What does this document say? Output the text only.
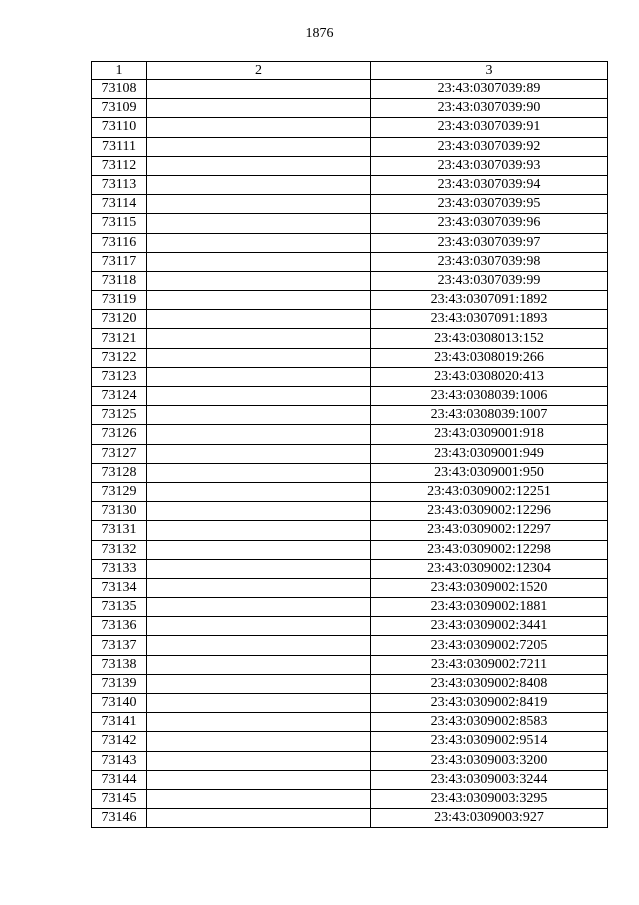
1876
1	2	3
73108		23:43:0307039:89
73109		23:43:0307039:90
73110		23:43:0307039:91
73111		23:43:0307039:92
73112		23:43:0307039:93
73113		23:43:0307039:94
73114		23:43:0307039:95
73115		23:43:0307039:96
73116		23:43:0307039:97
73117		23:43:0307039:98
73118		23:43:0307039:99
73119		23:43:0307091:1892
73120		23:43:0307091:1893
73121		23:43:0308013:152
73122		23:43:0308019:266
73123		23:43:0308020:413
73124		23:43:0308039:1006
73125		23:43:0308039:1007
73126		23:43:0309001:918
73127		23:43:0309001:949
73128		23:43:0309001:950
73129		23:43:0309002:12251
73130		23:43:0309002:12296
73131		23:43:0309002:12297
73132		23:43:0309002:12298
73133		23:43:0309002:12304
73134		23:43:0309002:1520
73135		23:43:0309002:1881
73136		23:43:0309002:3441
73137		23:43:0309002:7205
73138		23:43:0309002:7211
73139		23:43:0309002:8408
73140		23:43:0309002:8419
73141		23:43:0309002:8583
73142		23:43:0309002:9514
73143		23:43:0309003:3200
73144		23:43:0309003:3244
73145		23:43:0309003:3295
73146		23:43:0309003:927
